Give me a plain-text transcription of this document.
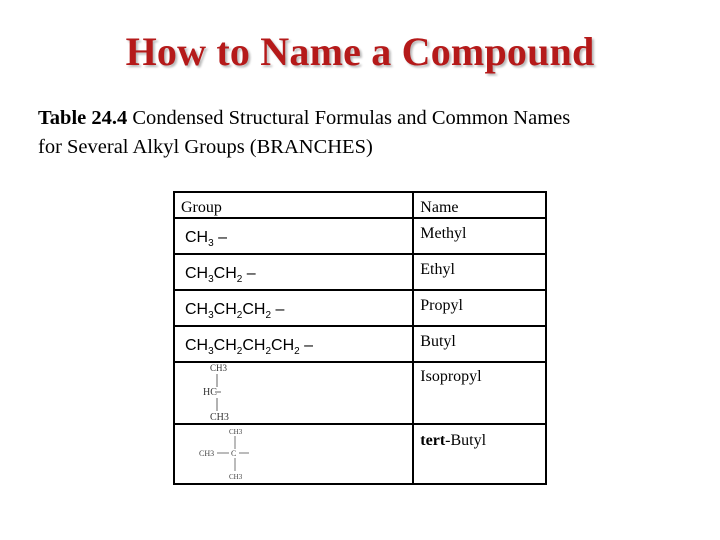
How to Name a Compound
Table 24.4 Condensed Structural Formulas and Common Names
for Several Alkyl Groups (BRANCHES)
Group	Name

$CH_3$ –	Methyl

$CH_3CH_2$ –	Ethyl

$CH_3CH_2CH_2$ –	Propyl

$CH_3CH_2CH_2CH_2$ –	Butyl

CH3
HC
CH3	Isopropyl

CH3
CH3 C
CH3	tert-Butyl
